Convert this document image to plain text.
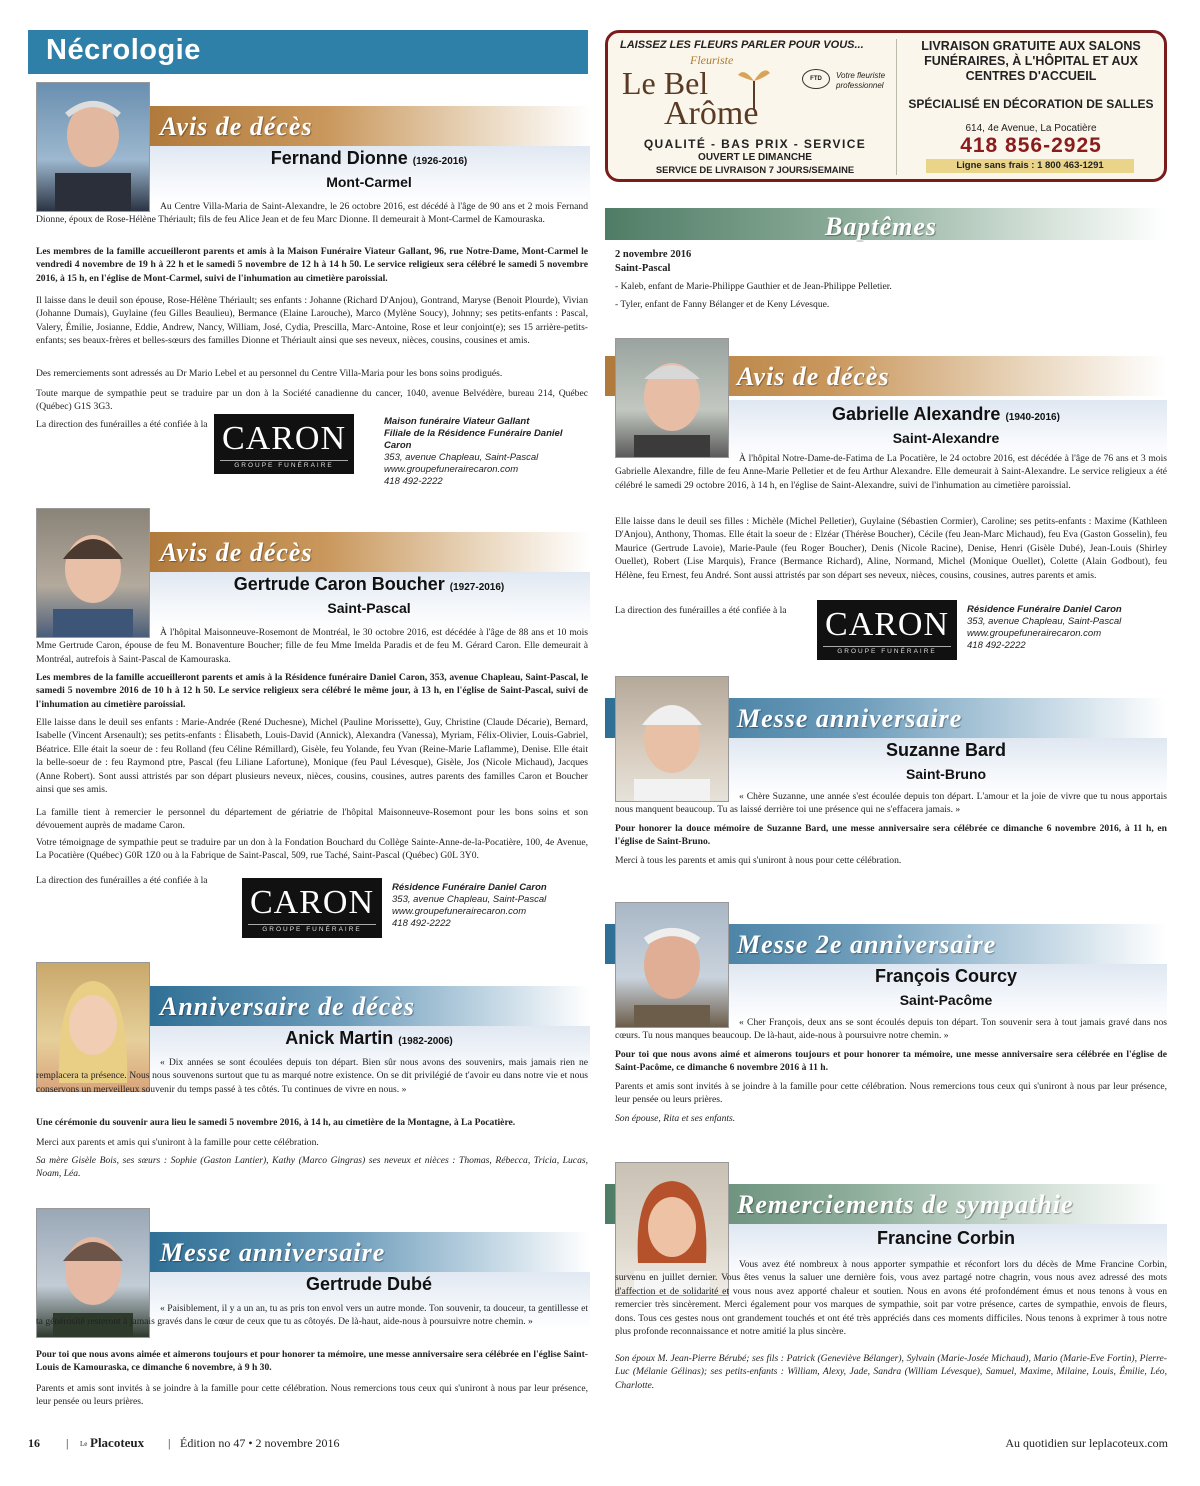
Nécrologie
Avis de décès
Fernand Dionne (1926-2016)
Mont-Carmel

Au Centre Villa-Maria de Saint-Alexandre, le 26 octobre 2016, est décédé à l'âge de 90 ans et 2 mois Fernand Dionne, époux de Rose-Hélène Thériault; fils de feu Alice Jean et de feu Marc Dionne. Il demeurait à Mont-Carmel de Kamouraska.

Les membres de la famille accueilleront parents et amis à la Maison Funéraire Viateur Gallant, 96, rue Notre-Dame, Mont-Carmel le vendredi 4 novembre de 19 h à 22 h et le samedi 5 novembre de 12 h à 14 h 50. Le service religieux sera célébré le samedi 5 novembre 2016, à 15 h, en l'église de Mont-Carmel, suivi de l'inhumation au cimetière paroissial.

Il laisse dans le deuil son épouse, Rose-Hélène Thériault; ses enfants : Johanne (Richard D'Anjou), Gontrand, Maryse (Benoit Plourde), Vivian (Johanne Dumais), Guylaine (feu Gilles Beaulieu), Bermance (Elaine Larouche), Marco (Mylène Soucy), Johnny; ses petits-enfants : Pascal, Valery, Émilie, Josianne, Eddie, Andrew, Nancy, William, José, Cydia, Prescilla, Marc-Antoine, Rose et leur conjoint(e); ses 15 arrière-petits-enfants; ses beaux-frères et belles-sœurs des familles Dionne et Thériault ainsi que ses neveux, nièces, cousins, cousines et amis.

Des remerciements sont adressés au Dr Mario Lebel et au personnel du Centre Villa-Maria pour les bons soins prodigués.

Toute marque de sympathie peut se traduire par un don à la Société canadienne du cancer, 1040, avenue Belvédère, bureau 214, Québec (Québec) G1S 3G3.

La direction des funérailles a été confiée à la CARON
GROUPE FUNÉRAIRE
Maison funéraire Viateur Gallant
Filiale de la Résidence Funéraire Daniel Caron
353, avenue Chapleau, Saint-Pascal
www.groupefunerairecaron.com
418 492-2222
Avis de décès
Gertrude Caron Boucher (1927-2016)
Saint-Pascal

À l'hôpital Maisonneuve-Rosemont de Montréal, le 30 octobre 2016, est décédée à l'âge de 88 ans et 10 mois Mme Gertrude Caron, épouse de feu M. Bonaventure Boucher; fille de feu Mme Imelda Paradis et de feu M. Gérard Caron. Elle demeurait à Montréal, autrefois à Saint-Pascal de Kamouraska.

Les membres de la famille accueilleront parents et amis à la Résidence funéraire Daniel Caron, 353, avenue Chapleau, Saint-Pascal, le samedi 5 novembre 2016 de 10 h à 12 h 50. Le service religieux sera célébré le même jour, à 13 h, en l'église de Saint-Pascal, suivi de l'inhumation au cimetière paroissial.

Elle laisse dans le deuil ses enfants : Marie-Andrée (René Duchesne), Michel (Pauline Morissette), Guy, Christine (Claude Décarie), Bernard, Isabelle (Vincent Arsenault); ses petits-enfants : Élisabeth, Louis-David (Annick), Alexandra (Vanessa), Myriam, Félix-Olivier, Louis-Gabriel, Béatrice. Elle était la soeur de : feu Rolland (feu Céline Rémillard), Gisèle, feu Yolande, feu Yvan (Reine-Marie Laflamme), Denise. Elle était la belle-soeur de : feu Raymond ptre, Pascal (feu Liliane Lafortune), Monique (feu Paul Lévesque), Gisèle, Jos (Nicole Michaud), Jacques (Anne Robert). Sont aussi attristés par son départ plusieurs neveux, nièces, cousins, cousines, autres parents des familles Caron et Boucher ainsi que ses amis.

La famille tient à remercier le personnel du département de gériatrie de l'hôpital Maisonneuve-Rosemont pour les bons soins et son dévouement auprès de madame Caron.

Votre témoignage de sympathie peut se traduire par un don à la Fondation Bouchard du Collège Sainte-Anne-de-la-Pocatière, 100, 4e Avenue, La Pocatière (Québec) G0R 1Z0 ou à la Fabrique de Saint-Pascal, 509, rue Taché, Saint-Pascal (Québec) G0L 3Y0.

La direction des funérailles a été confiée à la

CARON
GROUPE FUNÉRAIRE
Résidence Funéraire Daniel Caron
353, avenue Chapleau, Saint-Pascal
www.groupefunerairecaron.com
418 492-2222
Anniversaire de décès
Anick Martin (1982-2006)

« Dix années se sont écoulées depuis ton départ. Bien sûr nous avons des souvenirs, mais jamais rien ne remplacera ta présence. Nous nous souvenons surtout que tu as marqué notre existence. On se dit privilégié de t'avoir eu dans notre vie et nous conservons un merveilleux souvenir du temps passé à tes côtés. Tu continues de vivre en nous. »

Une cérémonie du souvenir aura lieu le samedi 5 novembre 2016, à 14 h, au cimetière de la Montagne, à La Pocatière.

Merci aux parents et amis qui s'uniront à la famille pour cette célébration.

Sa mère Gisèle Bois, ses sœurs : Sophie (Gaston Lantier), Kathy (Marco Gingras) ses neveux et nièces : Thomas, Rébecca, Tricia, Lucas, Noam, Léa.

Messe anniversaire
Gertrude Dubé

« Paisiblement, il y a un an, tu as pris ton envol vers un autre monde. Ton souvenir, ta douceur, ta gentillesse et ta générosité resteront à jamais gravés dans le cœur de ceux que tu as côtoyés. De là-haut, aide-nous à poursuivre notre chemin. »

Pour toi que nous avons aimée et aimerons toujours et pour honorer ta mémoire, une messe anniversaire sera célébrée en l'église Saint-Louis de Kamouraska, ce dimanche 6 novembre, à 9 h 30.

Parents et amis sont invités à se joindre à la famille pour cette célébration. Nous remercions tous ceux qui s'uniront à nous par leur présence, leur pensée ou leurs prières.

LAISSEZ LES FLEURS PARLER POUR VOUS...
Fleuriste
Le Bel
Arôme
FTD	Votre fleuriste professionnel
QUALITÉ - BAS PRIX - SERVICE
OUVERT LE DIMANCHE
SERVICE DE LIVRAISON 7 JOURS/SEMAINE
LIVRAISON GRATUITE AUX SALONS FUNÉRAIRES, À L'HÔPITAL ET AUX CENTRES D'ACCUEIL
SPÉCIALISÉ EN DÉCORATION DE SALLES
614, 4e Avenue, La Pocatière
418 856-2925
Ligne sans frais : 1 800 463-1291
Baptêmes

2 novembre 2016

Saint-Pascal

- Kaleb, enfant de Marie-Philippe Gauthier et de Jean-Philippe Pelletier.

- Tyler, enfant de Fanny Bélanger et de Keny Lévesque.

Avis de décès
Gabrielle Alexandre (1940-2016)
Saint-Alexandre

À l'hôpital Notre-Dame-de-Fatima de La Pocatière, le 24 octobre 2016, est décédée à l'âge de 76 ans et 3 mois Gabrielle Alexandre, fille de feu Anne-Marie Pelletier et de feu Arthur Alexandre. Elle demeurait à Saint-Alexandre. Le service religieux a été célébré le samedi 29 octobre 2016, à 14 h, en l'église de Saint-Alexandre, suivi de l'inhumation au cimetière paroissial.

Elle laisse dans le deuil ses filles : Michèle (Michel Pelletier), Guylaine (Sébastien Cormier), Caroline; ses petits-enfants : Maxime (Kathleen D'Anjou), Anthony, Thomas. Elle était la soeur de : Elzéar (Thérèse Boucher), Cécile (feu Jean-Marc Michaud), feu Eva (Gaston Gosselin), feu Maurice (Gertrude Lavoie), Marie-Paule (feu Roger Boucher), Denis (Nicole Racine), Denise, Henri (Gisèle Dubé), Jean-Louis (Shirley Ouellet), Robert (Lise Marquis), France (Bermance Richard), Aline, Normand, Michel (Monique Ouellet), Colette (Alain Godbout), feu Hélène, feu Ernest, feu André. Sont aussi attristés par son départ ses neveux, nièces, cousins, cousines, autres parents et amis.

La direction des funérailles a été confiée à la	CARON
GROUPE FUNÉRAIRE
Résidence Funéraire Daniel Caron
353, avenue Chapleau, Saint-Pascal
www.groupefunerairecaron.com
418 492-2222
Messe anniversaire
Suzanne Bard
Saint-Bruno

« Chère Suzanne, une année s'est écoulée depuis ton départ. L'amour et la joie de vivre que tu nous apportais nous manquent beaucoup. Tu as laissé derrière toi une présence qui ne s'effacera jamais. »

Pour honorer la douce mémoire de Suzanne Bard, une messe anniversaire sera célébrée ce dimanche 6 novembre 2016, à 11 h, en l'église de Saint-Bruno.

Merci à tous les parents et amis qui s'uniront à nous pour cette célébration.

Messe 2e anniversaire
François Courcy
Saint-Pacôme

« Cher François, deux ans se sont écoulés depuis ton départ. Ton souvenir sera à tout jamais gravé dans nos cœurs. Tu nous manques beaucoup. De là-haut, aide-nous à poursuivre notre chemin. »

Pour toi que nous avons aimé et aimerons toujours et pour honorer ta mémoire, une messe anniversaire sera célébrée en l'église de Saint-Pacôme, ce dimanche 6 novembre 2016 à 11 h.

Parents et amis sont invités à se joindre à la famille pour cette célébration. Nous remercions tous ceux qui s'uniront à nous par leur présence, leur pensée ou leurs prières.

Son épouse, Rita et ses enfants.

Remerciements de sympathie
Francine Corbin

Vous avez été nombreux à nous apporter sympathie et réconfort lors du décès de Mme Francine Corbin, survenu en juillet dernier. Vous êtes venus la saluer une dernière fois, vous avez partagé notre chagrin, vous nous avez adressé des mots d'affection et de solidarité et vous nous avez apporté chaleur et soutien. Nous en avons été profondément émus et nous tenons à vous en remercier très sincèrement. Merci également pour vos marques de sympathie, soit par votre présence, cartes de sympathie, envois de fleurs, dons. Tous ces gestes nous ont grandement touchés et ont été très appréciés dans ces moments difficiles. Nous tenons à exprimer à tous notre plus profonde reconnaissance et notre amitié la plus sincère.

Son époux M. Jean-Pierre Bérubé; ses fils : Patrick (Geneviève Bélanger), Sylvain (Marie-Josée Michaud), Mario (Marie-Eve Fortin), Pierre-Luc (Mélanie Gélinas); ses petits-enfants : William, Alexy, Jade, Sandra (William Lévesque), Samuel, Maxime, Milaine, Louis, Émilie, Léo, Charlotte.

16 | Le Placoteux | Édition no 47 • 2 novembre 2016	Au quotidien sur leplacoteux.com
